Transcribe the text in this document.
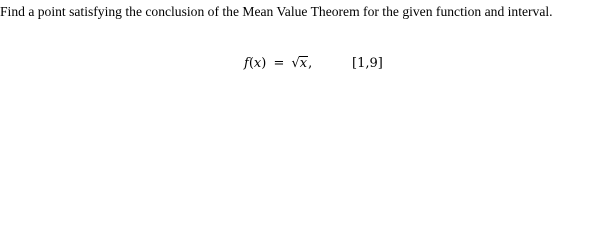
Find a point satisfying the conclusion of the Mean Value Theorem for the given function and interval.

f(x) = √x,	[1,9]
